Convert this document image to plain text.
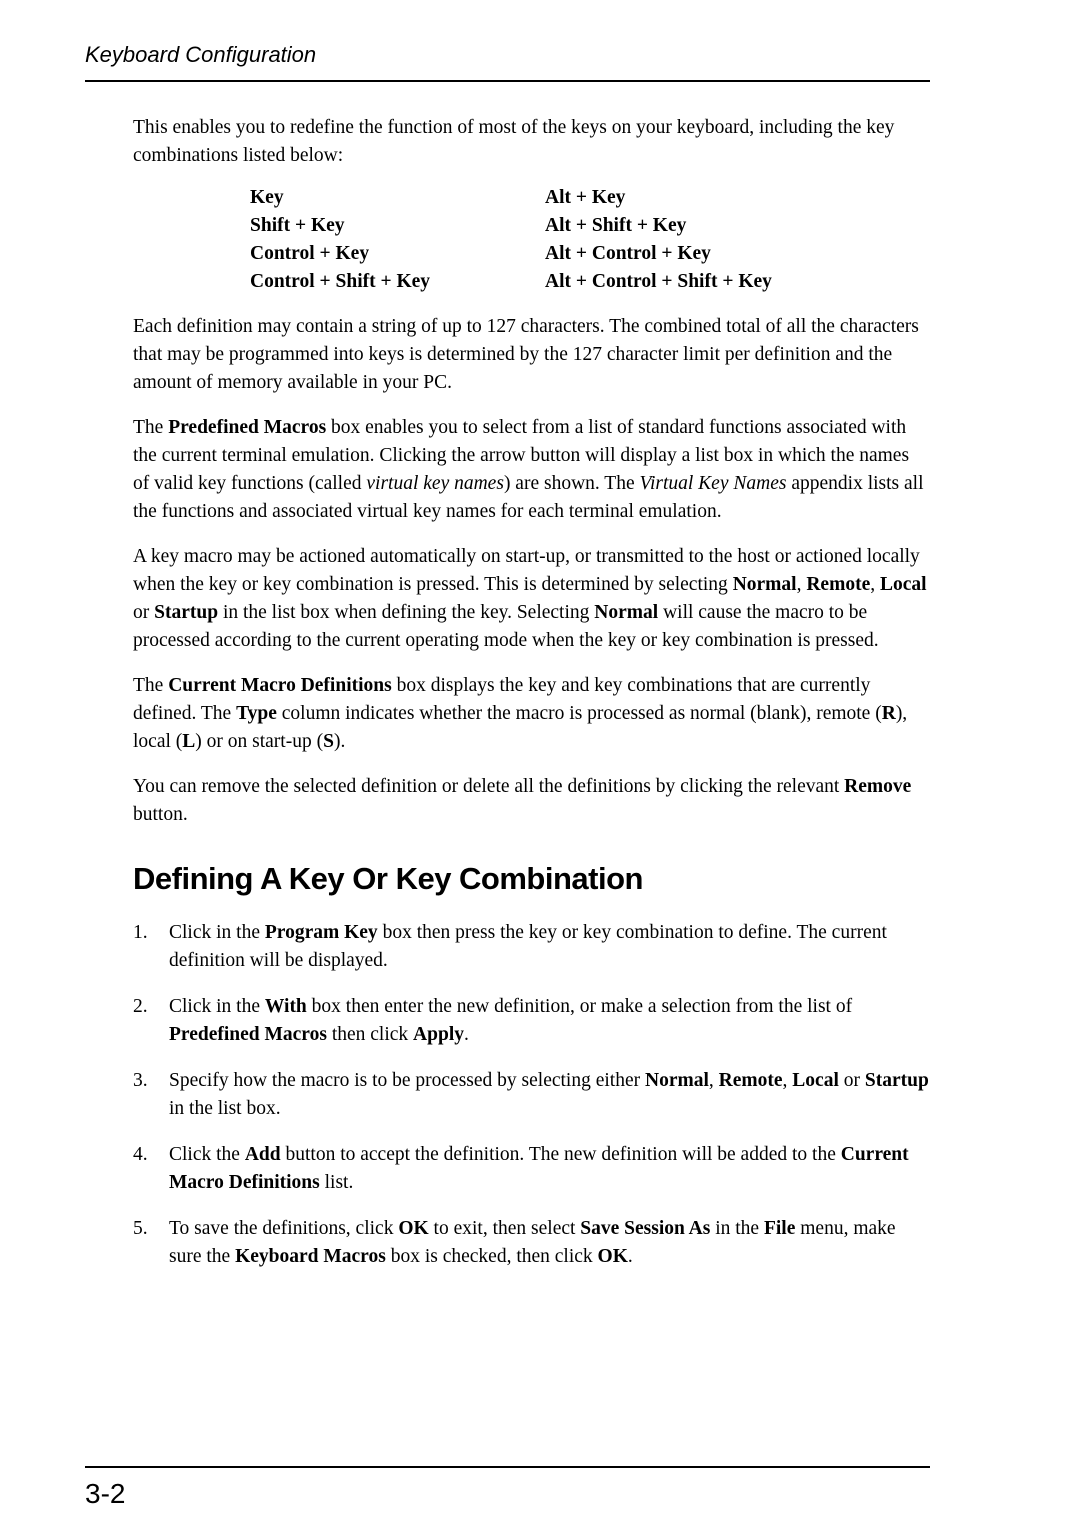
Keyboard Configuration

This enables you to redefine the function of most of the keys on your keyboard, including the key combinations listed below:

Key	Alt + Key
Shift + Key	Alt + Shift + Key
Control + Key	Alt + Control + Key
Control + Shift + Key	Alt + Control + Shift + Key

Each definition may contain a string of up to 127 characters. The combined total of all the characters that may be programmed into keys is determined by the 127 character limit per definition and the amount of memory available in your PC.

The Predefined Macros box enables you to select from a list of standard functions associated with the current terminal emulation. Clicking the arrow button will display a list box in which the names of valid key functions (called virtual key names) are shown. The Virtual Key Names appendix lists all the functions and associated virtual key names for each terminal emulation.

A key macro may be actioned automatically on start-up, or transmitted to the host or actioned locally when the key or key combination is pressed. This is determined by selecting Normal, Remote, Local or Startup in the list box when defining the key. Selecting Normal will cause the macro to be processed according to the current operating mode when the key or key combination is pressed.

The Current Macro Definitions box displays the key and key combinations that are currently defined. The Type column indicates whether the macro is processed as normal (blank), remote (R), local (L) or on start-up (S).

You can remove the selected definition or delete all the definitions by clicking the relevant Remove button.

Defining A Key Or Key Combination
1.	Click in the Program Key box then press the key or key combination to define. The current definition will be displayed.
2.	Click in the With box then enter the new definition, or make a selection from the list of Predefined Macros then click Apply.
3.	Specify how the macro is to be processed by selecting either Normal, Remote, Local or Startup in the list box.
4.	Click the Add button to accept the definition. The new definition will be added to the Current Macro Definitions list.
5.	To save the definitions, click OK to exit, then select Save Session As in the File menu, make sure the Keyboard Macros box is checked, then click OK.
3-2
